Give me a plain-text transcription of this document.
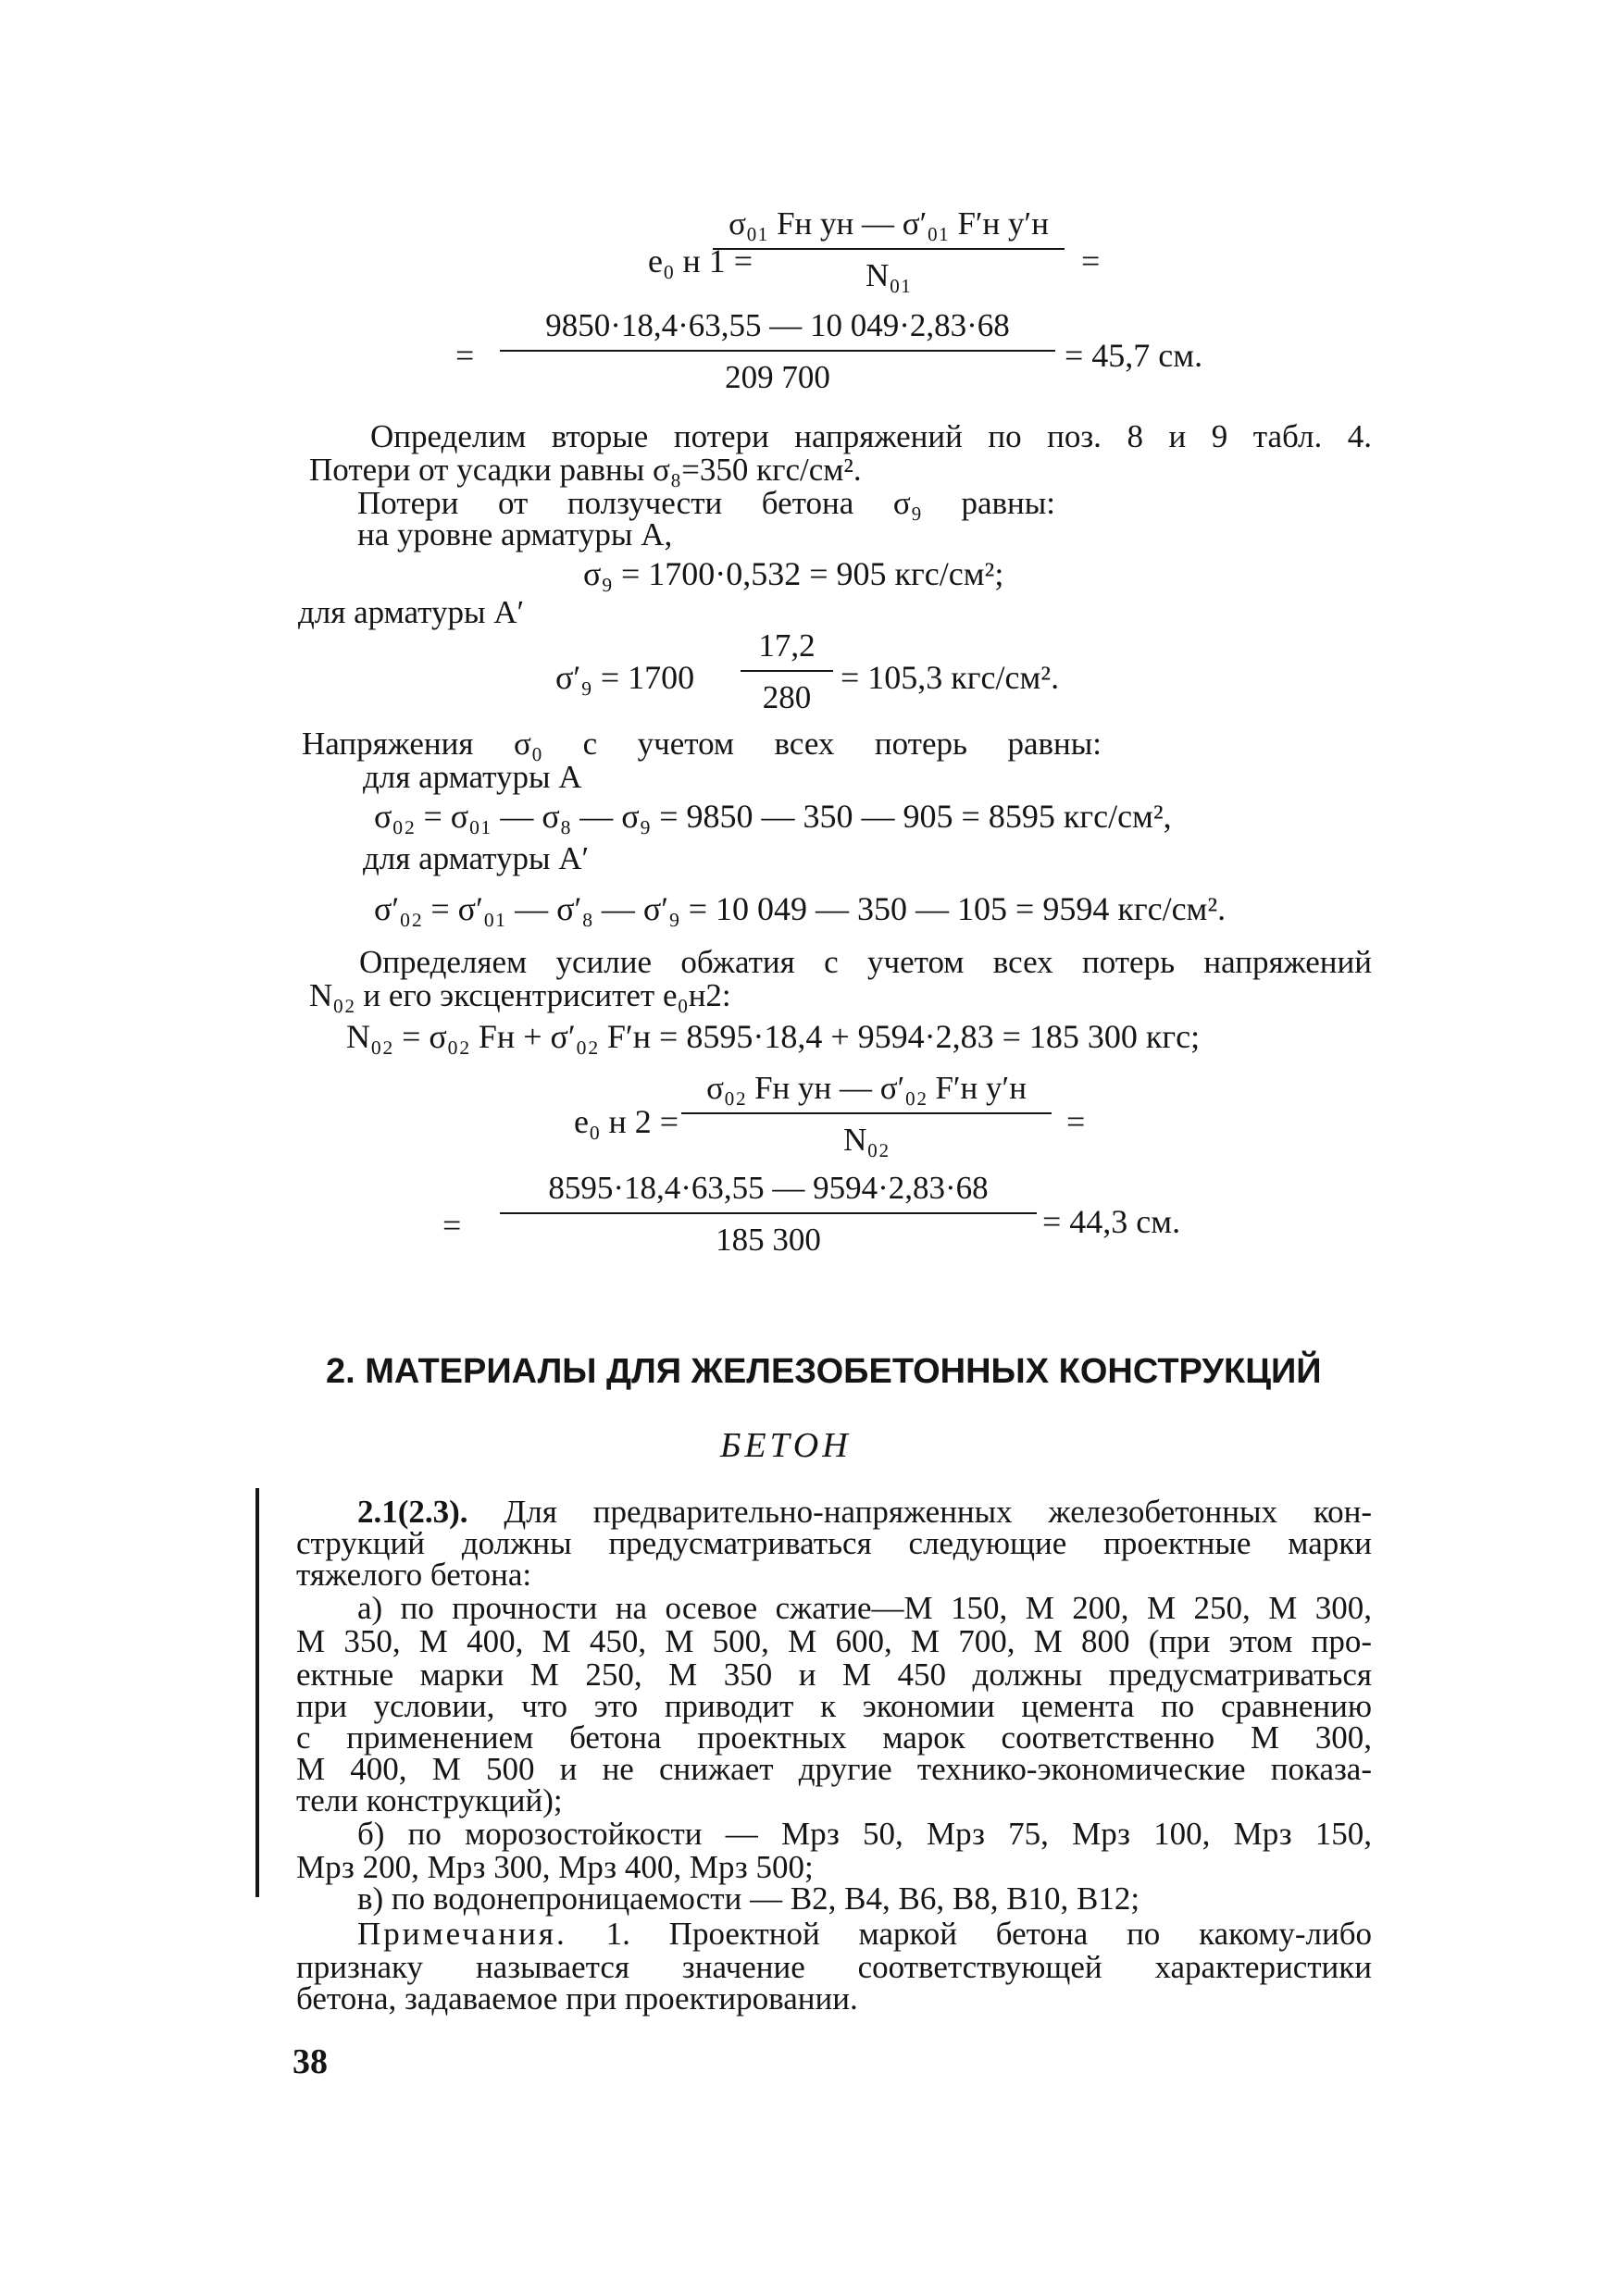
e₀ н 1 =
σ₀₁ Fн yн — σ′₀₁ F′н y′н
N₀₁	=
=
9850·18,4·63,55 — 10 049·2,83·68
209 700
= 45,7 см.
Определим вторые потери напряжений по поз. 8 и 9 табл. 4.
Потери от усадки равны σ₈=350 кгс/см².
Потери от ползучести бетона σ₉ равны:
на уровне арматуры A,
σ₉ = 1700·0,532 = 905 кгс/см²;
для арматуры A′
σ′₉ = 1700
17,2
280
= 105,3 кгс/см².
Напряжения σ₀ с учетом всех потерь равны:
для арматуры A
σ₀₂ = σ₀₁ — σ₈ — σ₉ = 9850 — 350 — 905 = 8595 кгс/см²,
для арматуры A′
σ′₀₂ = σ′₀₁ — σ′₈ — σ′₉ = 10 049 — 350 — 105 = 9594 кгс/см².
Определяем усилие обжатия с учетом всех потерь напряжений
N₀₂ и его эксцентриситет e₀н2:
N₀₂ = σ₀₂ Fн + σ′₀₂ F′н = 8595·18,4 + 9594·2,83 = 185 300 кгс;
e₀ н 2 =
σ₀₂ Fн yн — σ′₀₂ F′н y′н
N₀₂	=
=
8595·18,4·63,55 — 9594·2,83·68
185 300	= 44,3 см.
2. МАТЕРИАЛЫ ДЛЯ ЖЕЛЕЗОБЕТОННЫХ КОНСТРУКЦИЙ
БЕТОН
2.1(2.3). Для предварительно-напряженных железобетонных кон-
струкций должны предусматриваться следующие проектные марки
тяжелого бетона:
а) по прочности на осевое сжатие—М 150, М 200, М 250, М 300,
М 350, М 400, М 450, М 500, М 600, М 700, М 800 (при этом про-
ектные марки М 250, М 350 и М 450 должны предусматриваться
при условии, что это приводит к экономии цемента по сравнению
с применением бетона проектных марок соответственно М 300,
М 400, М 500 и не снижает другие технико-экономические показа-
тели конструкций);
б) по морозостойкости — Мрз 50, Мрз 75, Мрз 100, Мрз 150,
Мрз 200, Мрз 300, Мрз 400, Мрз 500;
в) по водонепроницаемости — В2, В4, В6, В8, В10, В12;
Примечания. 1. Проектной маркой бетона по какому-либо
признаку называется значение соответствующей характеристики
бетона, задаваемое при проектировании.
38
